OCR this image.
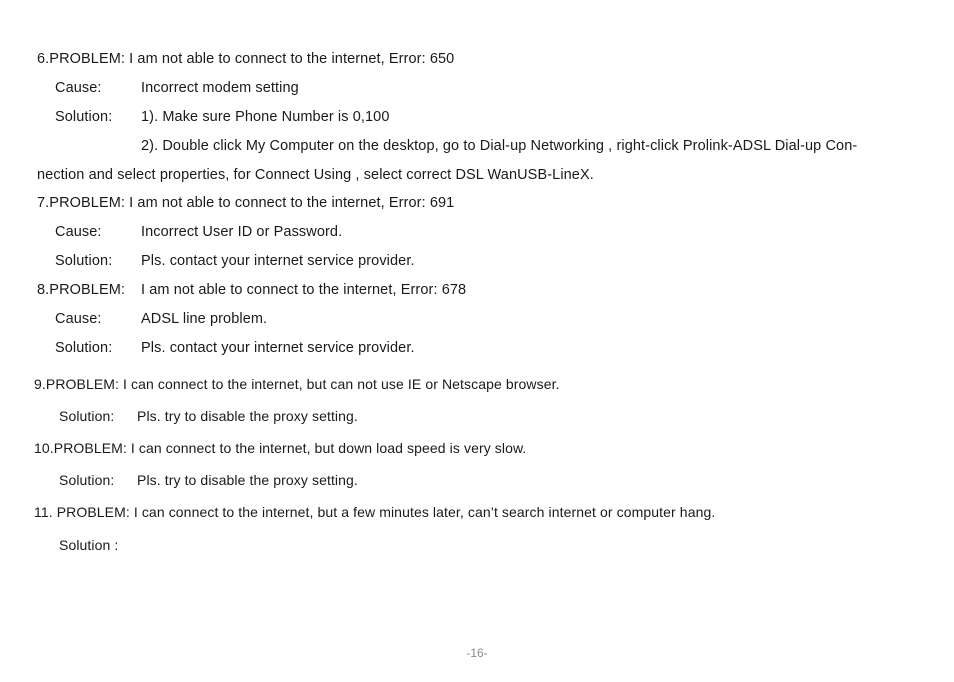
6.PROBLEM: I am not able to connect to the internet, Error: 650
Cause:	Incorrect modem setting
Solution: 1). Make sure Phone Number is 0,100
2). Double click My Computer on the desktop, go to Dial-up Networking , right-click Prolink-ADSL Dial-up Con-
nection and select properties, for Connect Using , select correct DSL WanUSB-LineX.
7.PROBLEM: I am not able to connect to the internet, Error: 691
Cause:	Incorrect User ID or Password.
Solution: Pls. contact your internet service provider.
8.PROBLEM: I am not able to connect to the internet, Error: 678
Cause:	ADSL line problem.
Solution: Pls. contact your internet service provider.
9.PROBLEM: I can connect to the internet, but can not use IE or Netscape browser.
Solution: Pls. try to disable the proxy setting.
10.PROBLEM: I can connect to the internet, but down load speed is very slow.
Solution: Pls. try to disable the proxy setting.
11. PROBLEM: I can connect to the internet, but a few minutes later, can’t search internet or computer hang.
Solution :
-16-
